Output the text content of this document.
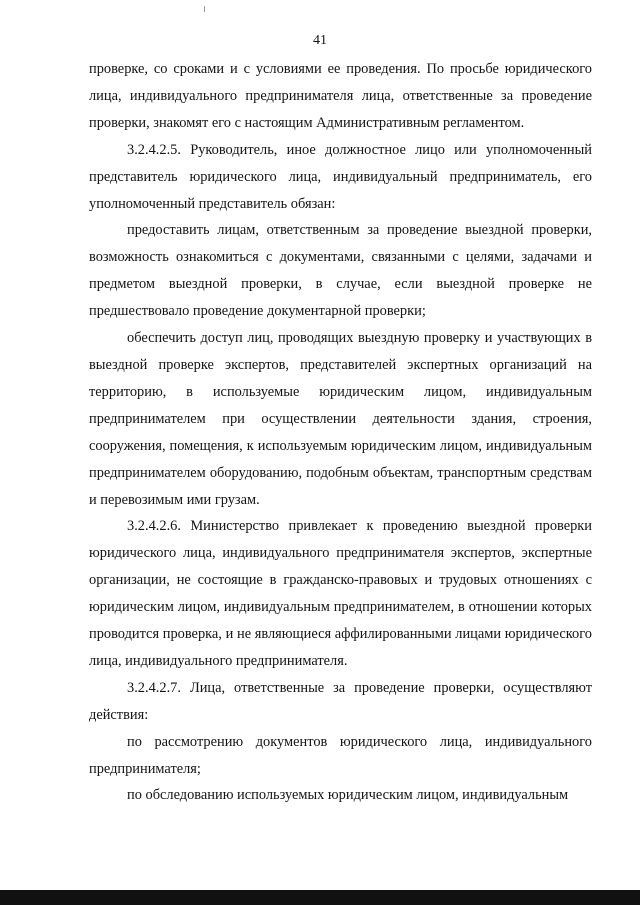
41

проверке, со сроками и с условиями ее проведения. По просьбе юридического лица, индивидуального предпринимателя лица, ответственные за проведение проверки, знакомят его с настоящим Административным регламентом.

3.2.4.2.5. Руководитель, иное должностное лицо или уполномоченный представитель юридического лица, индивидуальный предприниматель, его уполномоченный представитель обязан:

предоставить лицам, ответственным за проведение выездной проверки, возможность ознакомиться с документами, связанными с целями, задачами и предметом выездной проверки, в случае, если выездной проверке не предшествовало проведение документарной проверки;

обеспечить доступ лиц, проводящих выездную проверку и участвующих в выездной проверке экспертов, представителей экспертных организаций на территорию, в используемые юридическим лицом, индивидуальным предпринимателем при осуществлении деятельности здания, строения, сооружения, помещения, к используемым юридическим лицом, индивидуальным предпринимателем оборудованию, подобным объектам, транспортным средствам и перевозимым ими грузам.

3.2.4.2.6. Министерство привлекает к проведению выездной проверки юридического лица, индивидуального предпринимателя экспертов, экспертные организации, не состоящие в гражданско-правовых и трудовых отношениях с юридическим лицом, индивидуальным предпринимателем, в отношении которых проводится проверка, и не являющиеся аффилированными лицами юридического лица, индивидуального предпринимателя.

3.2.4.2.7. Лица, ответственные за проведение проверки, осуществляют действия:

по рассмотрению документов юридического лица, индивидуального предпринимателя;

по обследованию используемых юридическим лицом, индивидуальным
